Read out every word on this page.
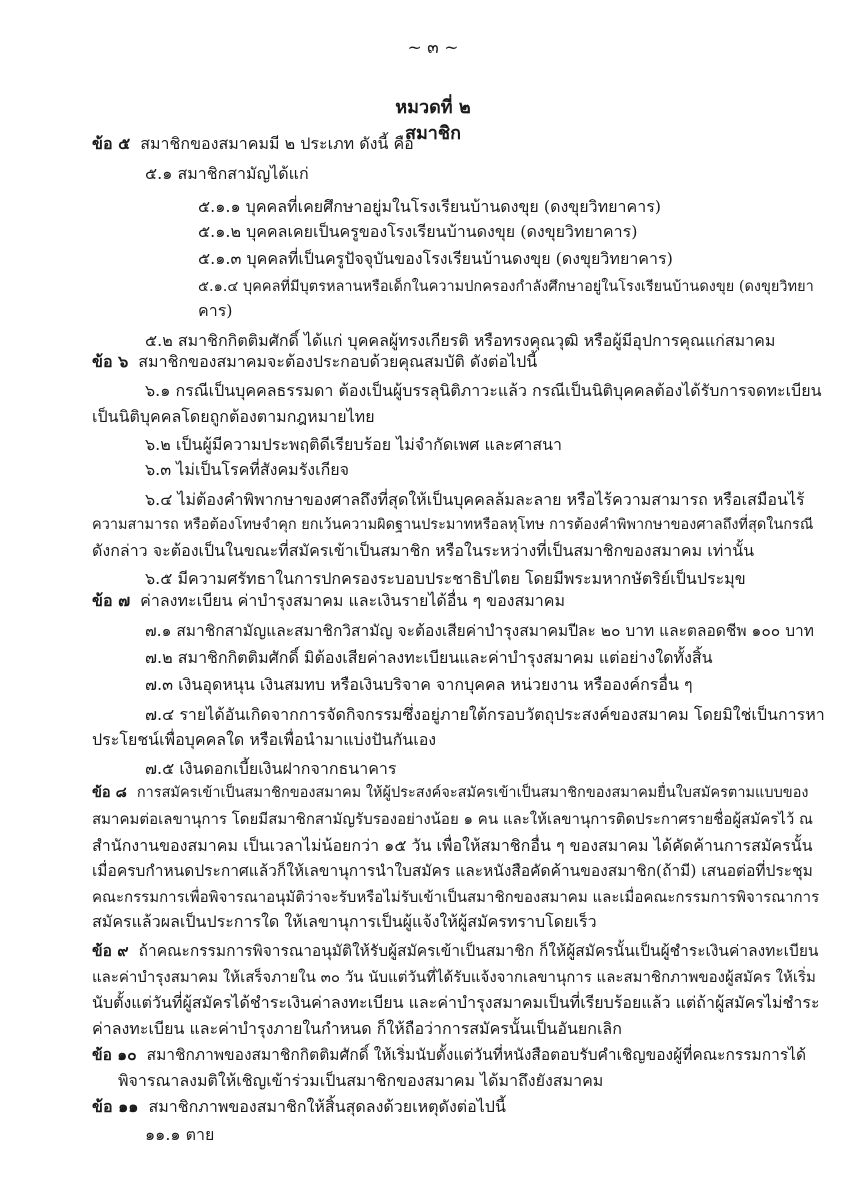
~ ๓ ~
หมวดที่ ๒
สมาชิก
ข้อ ๕ สมาชิกของสมาคมมี ๒ ประเภท ดังนี้ คือ
๕.๑ สมาชิกสามัญได้แก่
๕.๑.๑ บุคคลที่เคยศึกษาอยู่มในโรงเรียนบ้านดงขุย (ดงขุยวิทยาคาร)
๕.๑.๒ บุคคลเคยเป็นครูของโรงเรียนบ้านดงขุย (ดงขุยวิทยาคาร)
๕.๑.๓ บุคคลที่เป็นครูปัจจุบันของโรงเรียนบ้านดงขุย (ดงขุยวิทยาคาร)
๕.๑.๔ บุคคลที่มีบุตรหลานหรือเด็กในความปกครองกำลังศึกษาอยู่ในโรงเรียนบ้านดงขุย (ดงขุยวิทยา
คาร)
๕.๒ สมาชิกกิตติมศักดิ์ ได้แก่ บุคคลผู้ทรงเกียรติ หรือทรงคุณวุฒิ หรือผู้มีอุปการคุณแก่สมาคม
ข้อ ๖ สมาชิกของสมาคมจะต้องประกอบด้วยคุณสมบัติ ดังต่อไปนี้
๖.๑ กรณีเป็นบุคคลธรรมดา ต้องเป็นผู้บรรลุนิติภาวะแล้ว กรณีเป็นนิติบุคคลต้องได้รับการจดทะเบียน
เป็นนิติบุคคลโดยถูกต้องตามกฎหมายไทย
๖.๒ เป็นผู้มีความประพฤติดีเรียบร้อย ไม่จำกัดเพศ และศาสนา
๖.๓ ไม่เป็นโรคที่สังคมรังเกียจ
๖.๔ ไม่ต้องคำพิพากษาของศาลถึงที่สุดให้เป็นบุคคลล้มละลาย หรือไร้ความสามารถ หรือเสมือนไร้
ความสามารถ หรือต้องโทษจำคุก ยกเว้นความผิดฐานประมาทหรือลหุโทษ การต้องคำพิพากษาของศาลถึงที่สุดในกรณี
ดังกล่าว จะต้องเป็นในขณะที่สมัครเข้าเป็นสมาชิก หรือในระหว่างที่เป็นสมาชิกของสมาคม เท่านั้น
๖.๕ มีความศรัทธาในการปกครองระบอบประชาธิปไตย โดยมีพระมหากษัตริย์เป็นประมุข
ข้อ ๗ ค่าลงทะเบียน ค่าบำรุงสมาคม และเงินรายได้อื่น ๆ ของสมาคม
๗.๑ สมาชิกสามัญและสมาชิกวิสามัญ จะต้องเสียค่าบำรุงสมาคมปีละ ๒๐ บาท และตลอดชีพ ๑๐๐ บาท
๗.๒ สมาชิกกิตติมศักดิ์ มิต้องเสียค่าลงทะเบียนและค่าบำรุงสมาคม แต่อย่างใดทั้งสิ้น
๗.๓ เงินอุดหนุน เงินสมทบ หรือเงินบริจาค จากบุคคล หน่วยงาน หรือองค์กรอื่น ๆ
๗.๔ รายได้อันเกิดจากการจัดกิจกรรมซึ่งอยู่ภายใต้กรอบวัตถุประสงค์ของสมาคม โดยมิใช่เป็นการหา
ประโยชน์เพื่อบุคคลใด หรือเพื่อนำมาแบ่งปันกันเอง
๗.๕ เงินดอกเบี้ยเงินฝากจากธนาคาร
ข้อ ๘ การสมัครเข้าเป็นสมาชิกของสมาคม ให้ผู้ประสงค์จะสมัครเข้าเป็นสมาชิกของสมาคมยื่นใบสมัครตามแบบของ
สมาคมต่อเลขานุการ โดยมีสมาชิกสามัญรับรองอย่างน้อย ๑ คน และให้เลขานุการติดประกาศรายชื่อผู้สมัครไว้ ณ
สำนักงานของสมาคม เป็นเวลาไม่น้อยกว่า ๑๕ วัน เพื่อให้สมาชิกอื่น ๆ ของสมาคม ได้คัดค้านการสมัครนั้น
เมื่อครบกำหนดประกาศแล้วก็ให้เลขานุการนำใบสมัคร และหนังสือคัดค้านของสมาชิก(ถ้ามี) เสนอต่อที่ประชุม
คณะกรรมการเพื่อพิจารณาอนุมัติว่าจะรับหรือไม่รับเข้าเป็นสมาชิกของสมาคม และเมื่อคณะกรรมการพิจารณาการ
สมัครแล้วผลเป็นประการใด ให้เลขานุการเป็นผู้แจ้งให้ผู้สมัครทราบโดยเร็ว
ข้อ ๙ ถ้าคณะกรรมการพิจารณาอนุมัติให้รับผู้สมัครเข้าเป็นสมาชิก ก็ให้ผู้สมัครนั้นเป็นผู้ชำระเงินค่าลงทะเบียน
และค่าบำรุงสมาคม ให้เสร็จภายใน ๓๐ วัน นับแต่วันที่ได้รับแจ้งจากเลขานุการ และสมาชิกภาพของผู้สมัคร ให้เริ่ม
นับตั้งแต่วันที่ผู้สมัครได้ชำระเงินค่าลงทะเบียน และค่าบำรุงสมาคมเป็นที่เรียบร้อยแล้ว แต่ถ้าผู้สมัครไม่ชำระ
ค่าลงทะเบียน และค่าบำรุงภายในกำหนด ก็ให้ถือว่าการสมัครนั้นเป็นอันยกเลิก
ข้อ ๑๐ สมาชิกภาพของสมาชิกกิตติมศักดิ์ ให้เริ่มนับตั้งแต่วันที่หนังสือตอบรับคำเชิญของผู้ที่คณะกรรมการได้
พิจารณาลงมติให้เชิญเข้าร่วมเป็นสมาชิกของสมาคม ได้มาถึงยังสมาคม
ข้อ ๑๑ สมาชิกภาพของสมาชิกให้สิ้นสุดลงด้วยเหตุดังต่อไปนี้
๑๑.๑ ตาย
